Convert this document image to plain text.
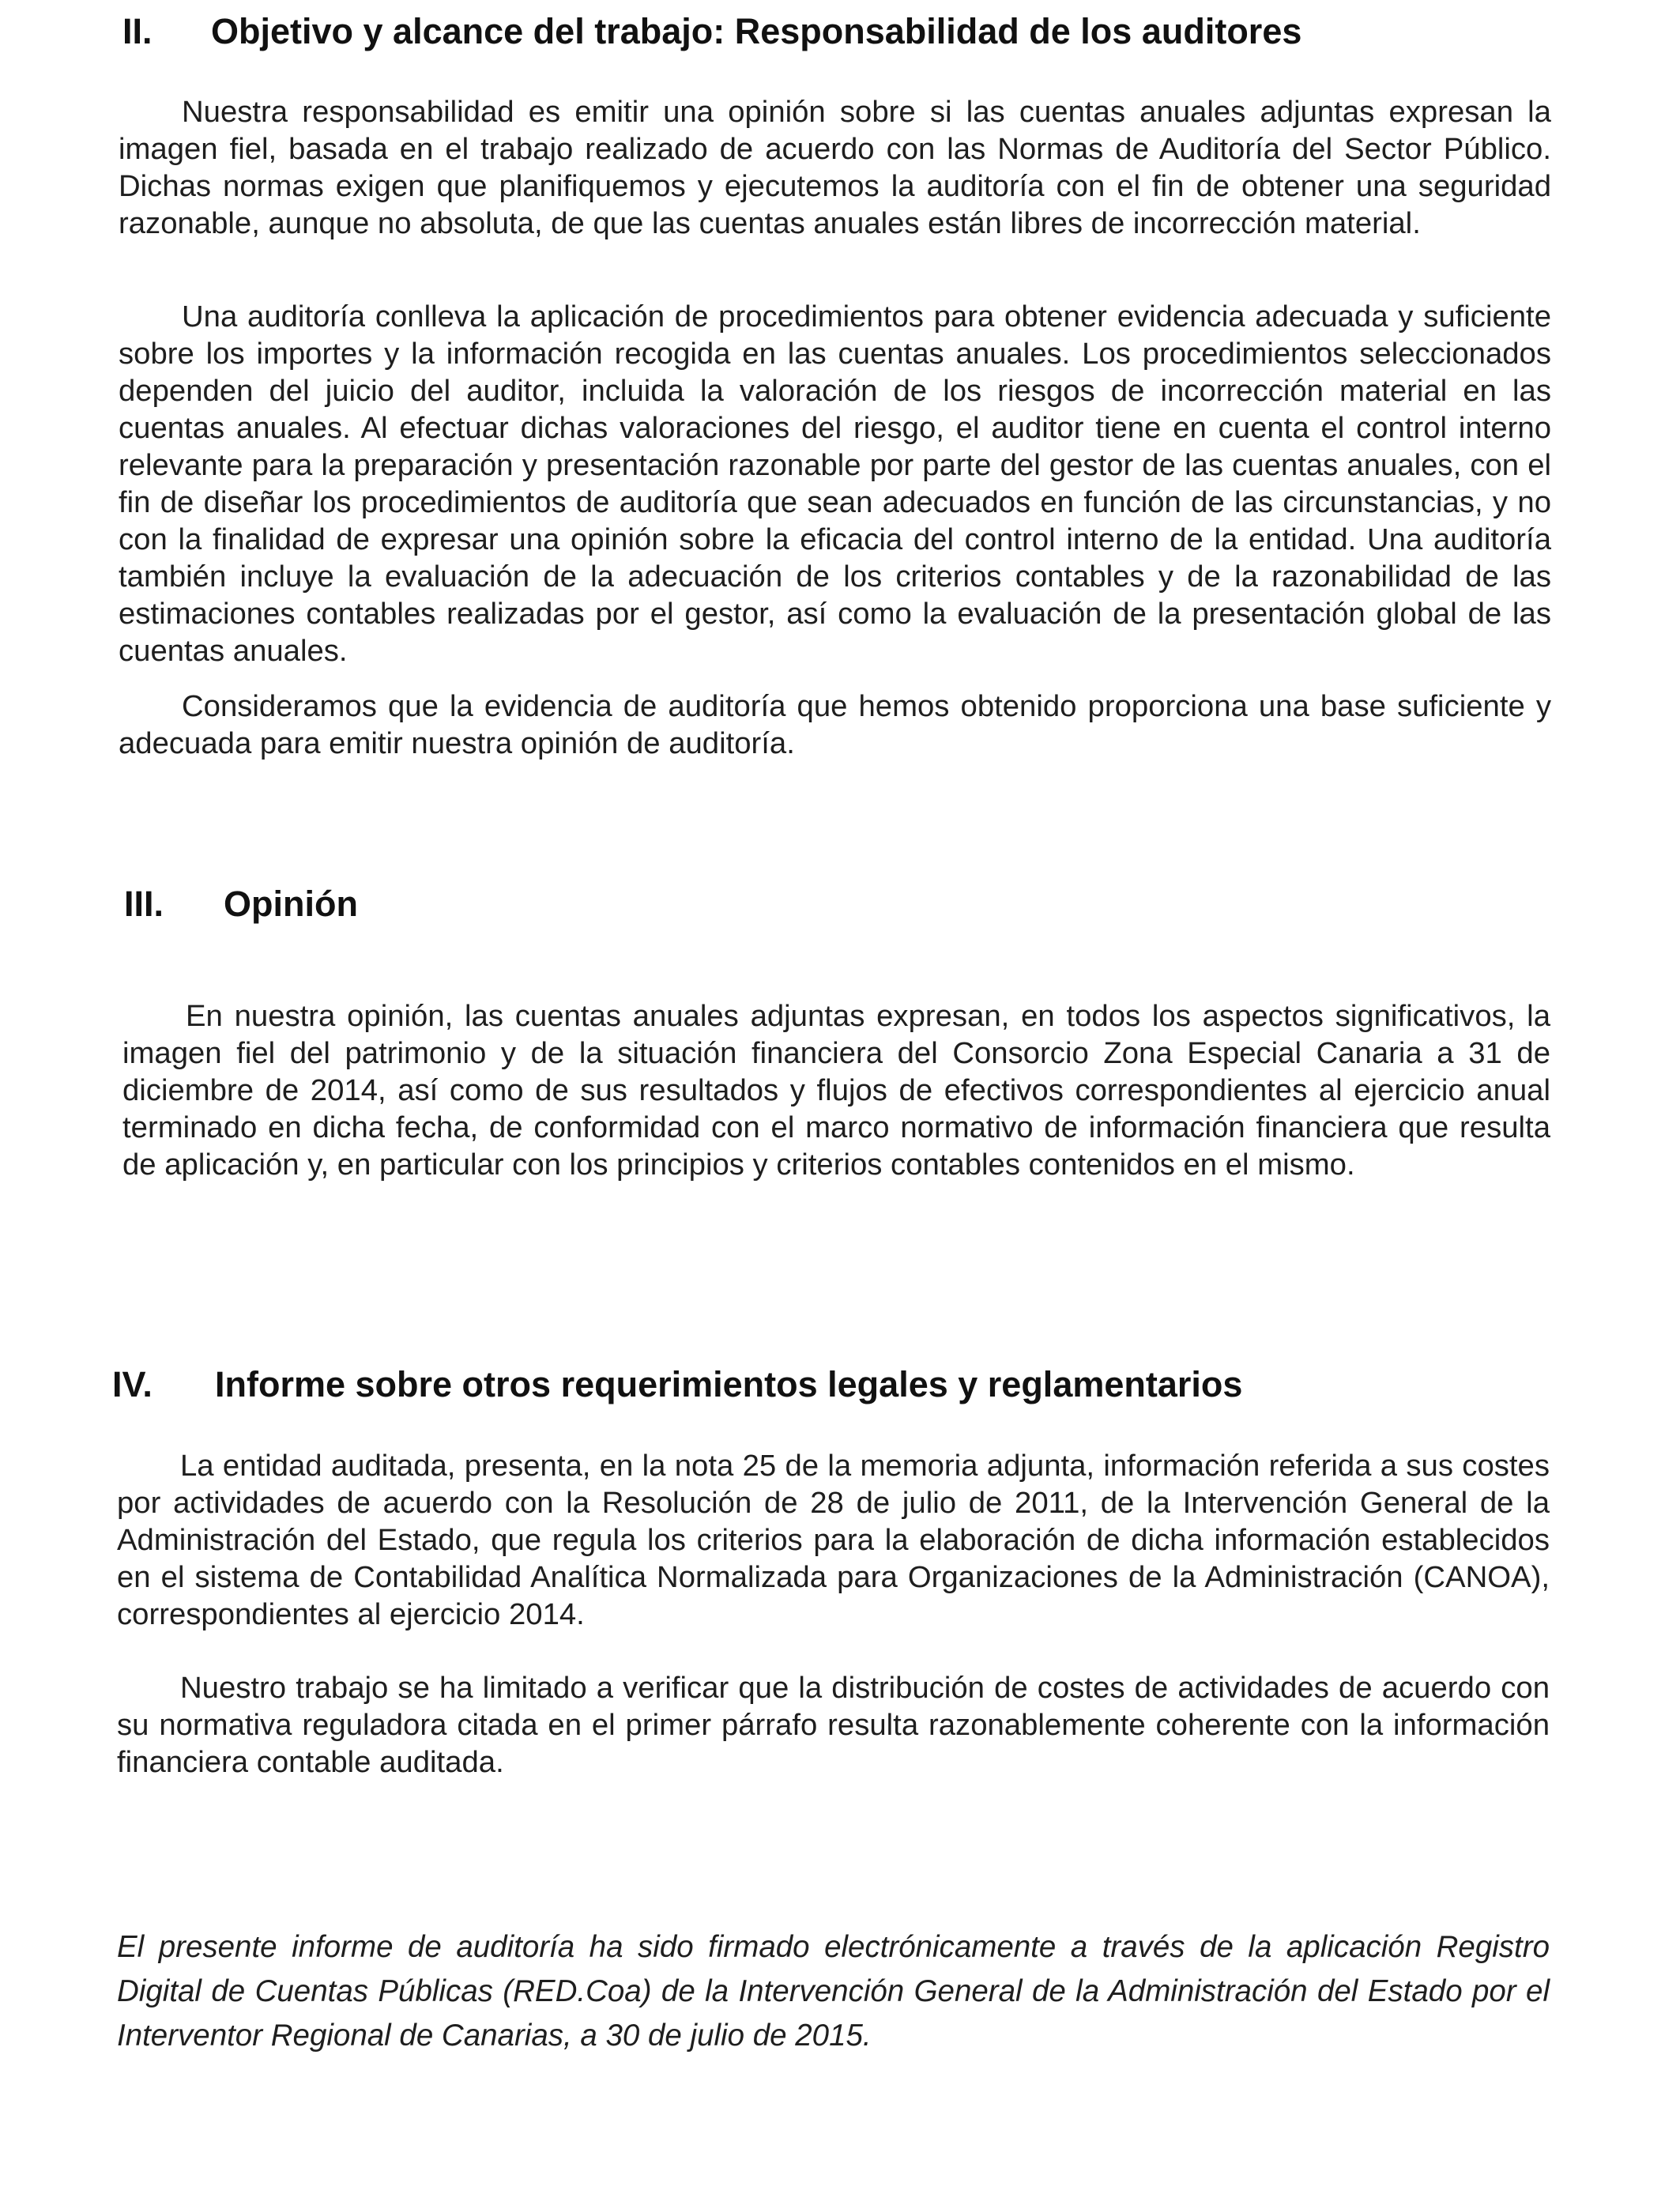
II. Objetivo y alcance del trabajo: Responsabilidad de los auditores

Nuestra responsabilidad es emitir una opinión sobre si las cuentas anuales adjuntas expresan la imagen fiel, basada en el trabajo realizado de acuerdo con las Normas de Auditoría del Sector Público. Dichas normas exigen que planifiquemos y ejecutemos la auditoría con el fin de obtener una seguridad razonable, aunque no absoluta, de que las cuentas anuales están libres de incorrección material.

Una auditoría conlleva la aplicación de procedimientos para obtener evidencia adecuada y suficiente sobre los importes y la información recogida en las cuentas anuales. Los procedimientos seleccionados dependen del juicio del auditor, incluida la valoración de los riesgos de incorrección material en las cuentas anuales. Al efectuar dichas valoraciones del riesgo, el auditor tiene en cuenta el control interno relevante para la preparación y presentación razonable por parte del gestor de las cuentas anuales, con el fin de diseñar los procedimientos de auditoría que sean adecuados en función de las circunstancias, y no con la finalidad de expresar una opinión sobre la eficacia del control interno de la entidad. Una auditoría también incluye la evaluación de la adecuación de los criterios contables y de la razonabilidad de las estimaciones contables realizadas por el gestor, así como la evaluación de la presentación global de las cuentas anuales.

Consideramos que la evidencia de auditoría que hemos obtenido proporciona una base suficiente y adecuada para emitir nuestra opinión de auditoría.

III. Opinión

En nuestra opinión, las cuentas anuales adjuntas expresan, en todos los aspectos significativos, la imagen fiel del patrimonio y de la situación financiera del Consorcio Zona Especial Canaria a 31 de diciembre de 2014, así como de sus resultados y flujos de efectivos correspondientes al ejercicio anual terminado en dicha fecha, de conformidad con el marco normativo de información financiera que resulta de aplicación y, en particular con los principios y criterios contables contenidos en el mismo.

IV. Informe sobre otros requerimientos legales y reglamentarios

La entidad auditada, presenta, en la nota 25 de la memoria adjunta, información referida a sus costes por actividades de acuerdo con la Resolución de 28 de julio de 2011, de la Intervención General de la Administración del Estado, que regula los criterios para la elaboración de dicha información establecidos en el sistema de Contabilidad Analítica Normalizada para Organizaciones de la Administración (CANOA), correspondientes al ejercicio 2014.

Nuestro trabajo se ha limitado a verificar que la distribución de costes de actividades de acuerdo con su normativa reguladora citada en el primer párrafo resulta razonablemente coherente con la información financiera contable auditada.

El presente informe de auditoría ha sido firmado electrónicamente a través de la aplicación Registro Digital de Cuentas Públicas (RED.Coa) de la Intervención General de la Administración del Estado por el Interventor Regional de Canarias, a 30 de julio de 2015.
